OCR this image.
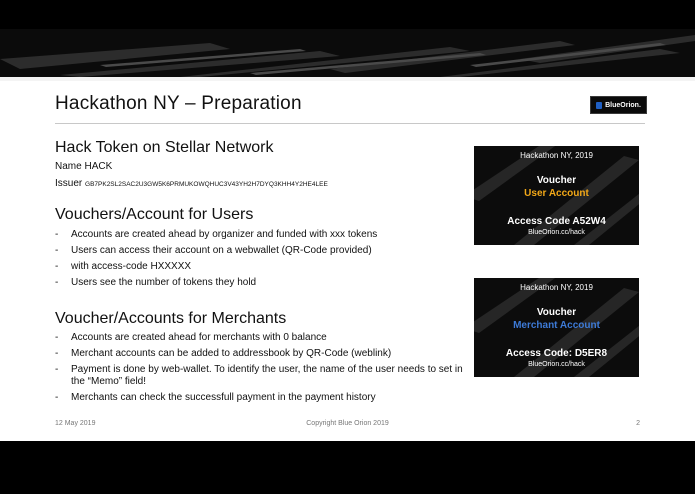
Hackathon NY – Preparation	BlueOrion.
Hack Token on Stellar Network
Name HACK
Issuer GB7PK2SL2SAC2U3GW5K6PRMUKOWQHUC3V43YH2H7DYQ3KHH4Y2HE4LEE
Vouchers/Account for Users
- Accounts are created ahead by organizer and funded with xxx tokens
- Users can access their account on a webwallet (QR-Code provided)
- with access-code HXXXXX
- Users see the number of tokens they hold
Voucher/Accounts for Merchants
- Accounts are created ahead for merchants with 0 balance
- Merchant accounts can be added to addressbook by QR-Code (weblink)
- Payment is done by web-wallet. To identify the user, the name of the user needs to set in the “Memo” field!
- Merchants can check the successfull payment in the payment history
Hackathon NY, 2019
Voucher
User Account
Access Code A52W4
BlueOrion.cc/hack
Hackathon NY, 2019
Voucher
Merchant Account
Access Code: D5ER8
BlueOrion.cc/hack
12 May 2019	Copyright Blue Orion 2019	2
